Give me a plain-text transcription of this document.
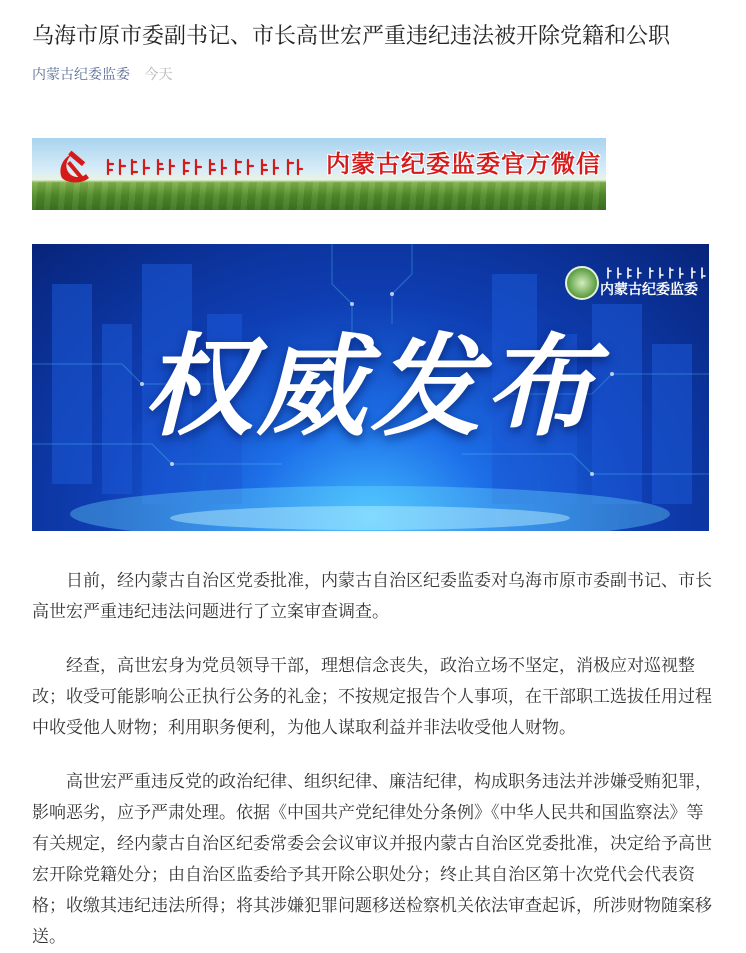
乌海市原市委副书记、市长高世宏严重违纪违法被开除党籍和公职
内蒙古纪委监委 今天
内蒙古纪委监委官方微信
内蒙古纪委监委
权威发布

日前，经内蒙古自治区党委批准，内蒙古自治区纪委监委对乌海市原市委副书记、市长高世宏严重违纪违法问题进行了立案审查调查。

经查，高世宏身为党员领导干部，理想信念丧失，政治立场不坚定，消极应对巡视整改；收受可能影响公正执行公务的礼金；不按规定报告个人事项，在干部职工选拔任用过程中收受他人财物；利用职务便利，为他人谋取利益并非法收受他人财物。

高世宏严重违反党的政治纪律、组织纪律、廉洁纪律，构成职务违法并涉嫌受贿犯罪，影响恶劣，应予严肃处理。依据《中国共产党纪律处分条例》《中华人民共和国监察法》等有关规定，经内蒙古自治区纪委常委会会议审议并报内蒙古自治区党委批准，决定给予高世宏开除党籍处分；由自治区监委给予其开除公职处分；终止其自治区第十次党代会代表资格；收缴其违纪违法所得；将其涉嫌犯罪问题移送检察机关依法审查起诉，所涉财物随案移送。
